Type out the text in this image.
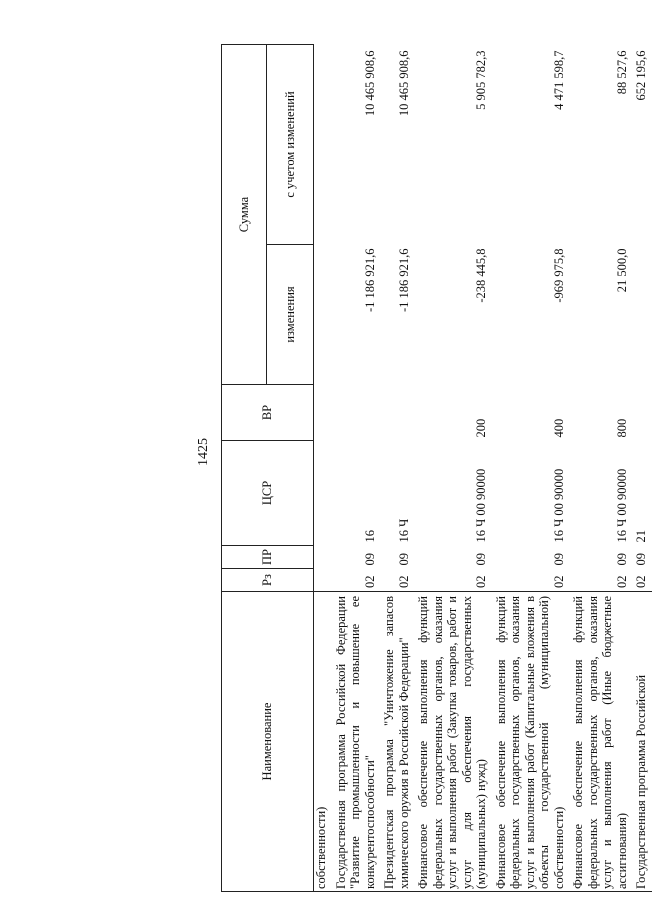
1425
Наименование	Рз	ПР	ЦСР	ВР	Сумма	
					изменения	с учетом изменений
собственности)						
Государственная программа Российской Федерации "Развитие промышленности и повышение ее конкурентоспособности"	02	09	16		-1 186 921,6	10 465 908,6
Президентская программа "Уничтожение запасов химического оружия в Российской Федерации"	02	09	16 Ч		-1 186 921,6	10 465 908,6
Финансовое обеспечение выполнения функций федеральных государственных органов, оказания услуг и выполнения работ (Закупка товаров, работ и услуг для обеспечения государственных (муниципальных) нужд)	02	09	16 Ч 00 90000	200	-238 445,8	5 905 782,3
Финансовое обеспечение выполнения функций федеральных государственных органов, оказания услуг и выполнения работ (Капитальные вложения в объекты государственной (муниципальной) собственности)	02	09	16 Ч 00 90000	400	-969 975,8	4 471 598,7
Финансовое обеспечение выполнения функций федеральных государственных органов, оказания услуг и выполнения работ (Иные бюджетные ассигнования)	02	09	16 Ч 00 90000	800	21 500,0	88 527,6
Государственная программа Российской	02	09	21			652 195,6
